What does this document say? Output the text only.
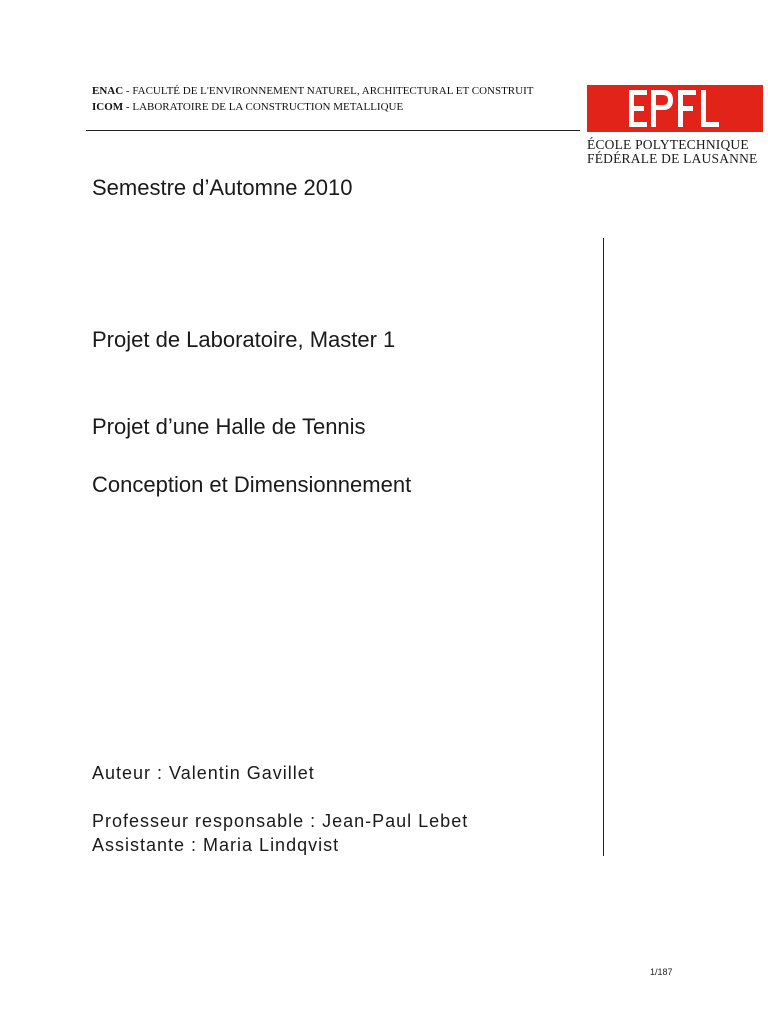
ENAC - FACULTÉ DE L'ENVIRONNEMENT NATUREL, ARCHITECTURAL ET CONSTRUIT
ICOM - LABORATOIRE DE LA CONSTRUCTION METALLIQUE
ÉCOLE POLYTECHNIQUE
FÉDÉRALE DE LAUSANNE
Semestre d’Automne 2010
Projet de Laboratoire, Master 1
Projet d’une Halle de Tennis
Conception et Dimensionnement
Auteur : Valentin Gavillet
Professeur responsable : Jean-Paul Lebet
Assistante : Maria Lindqvist
1/187
